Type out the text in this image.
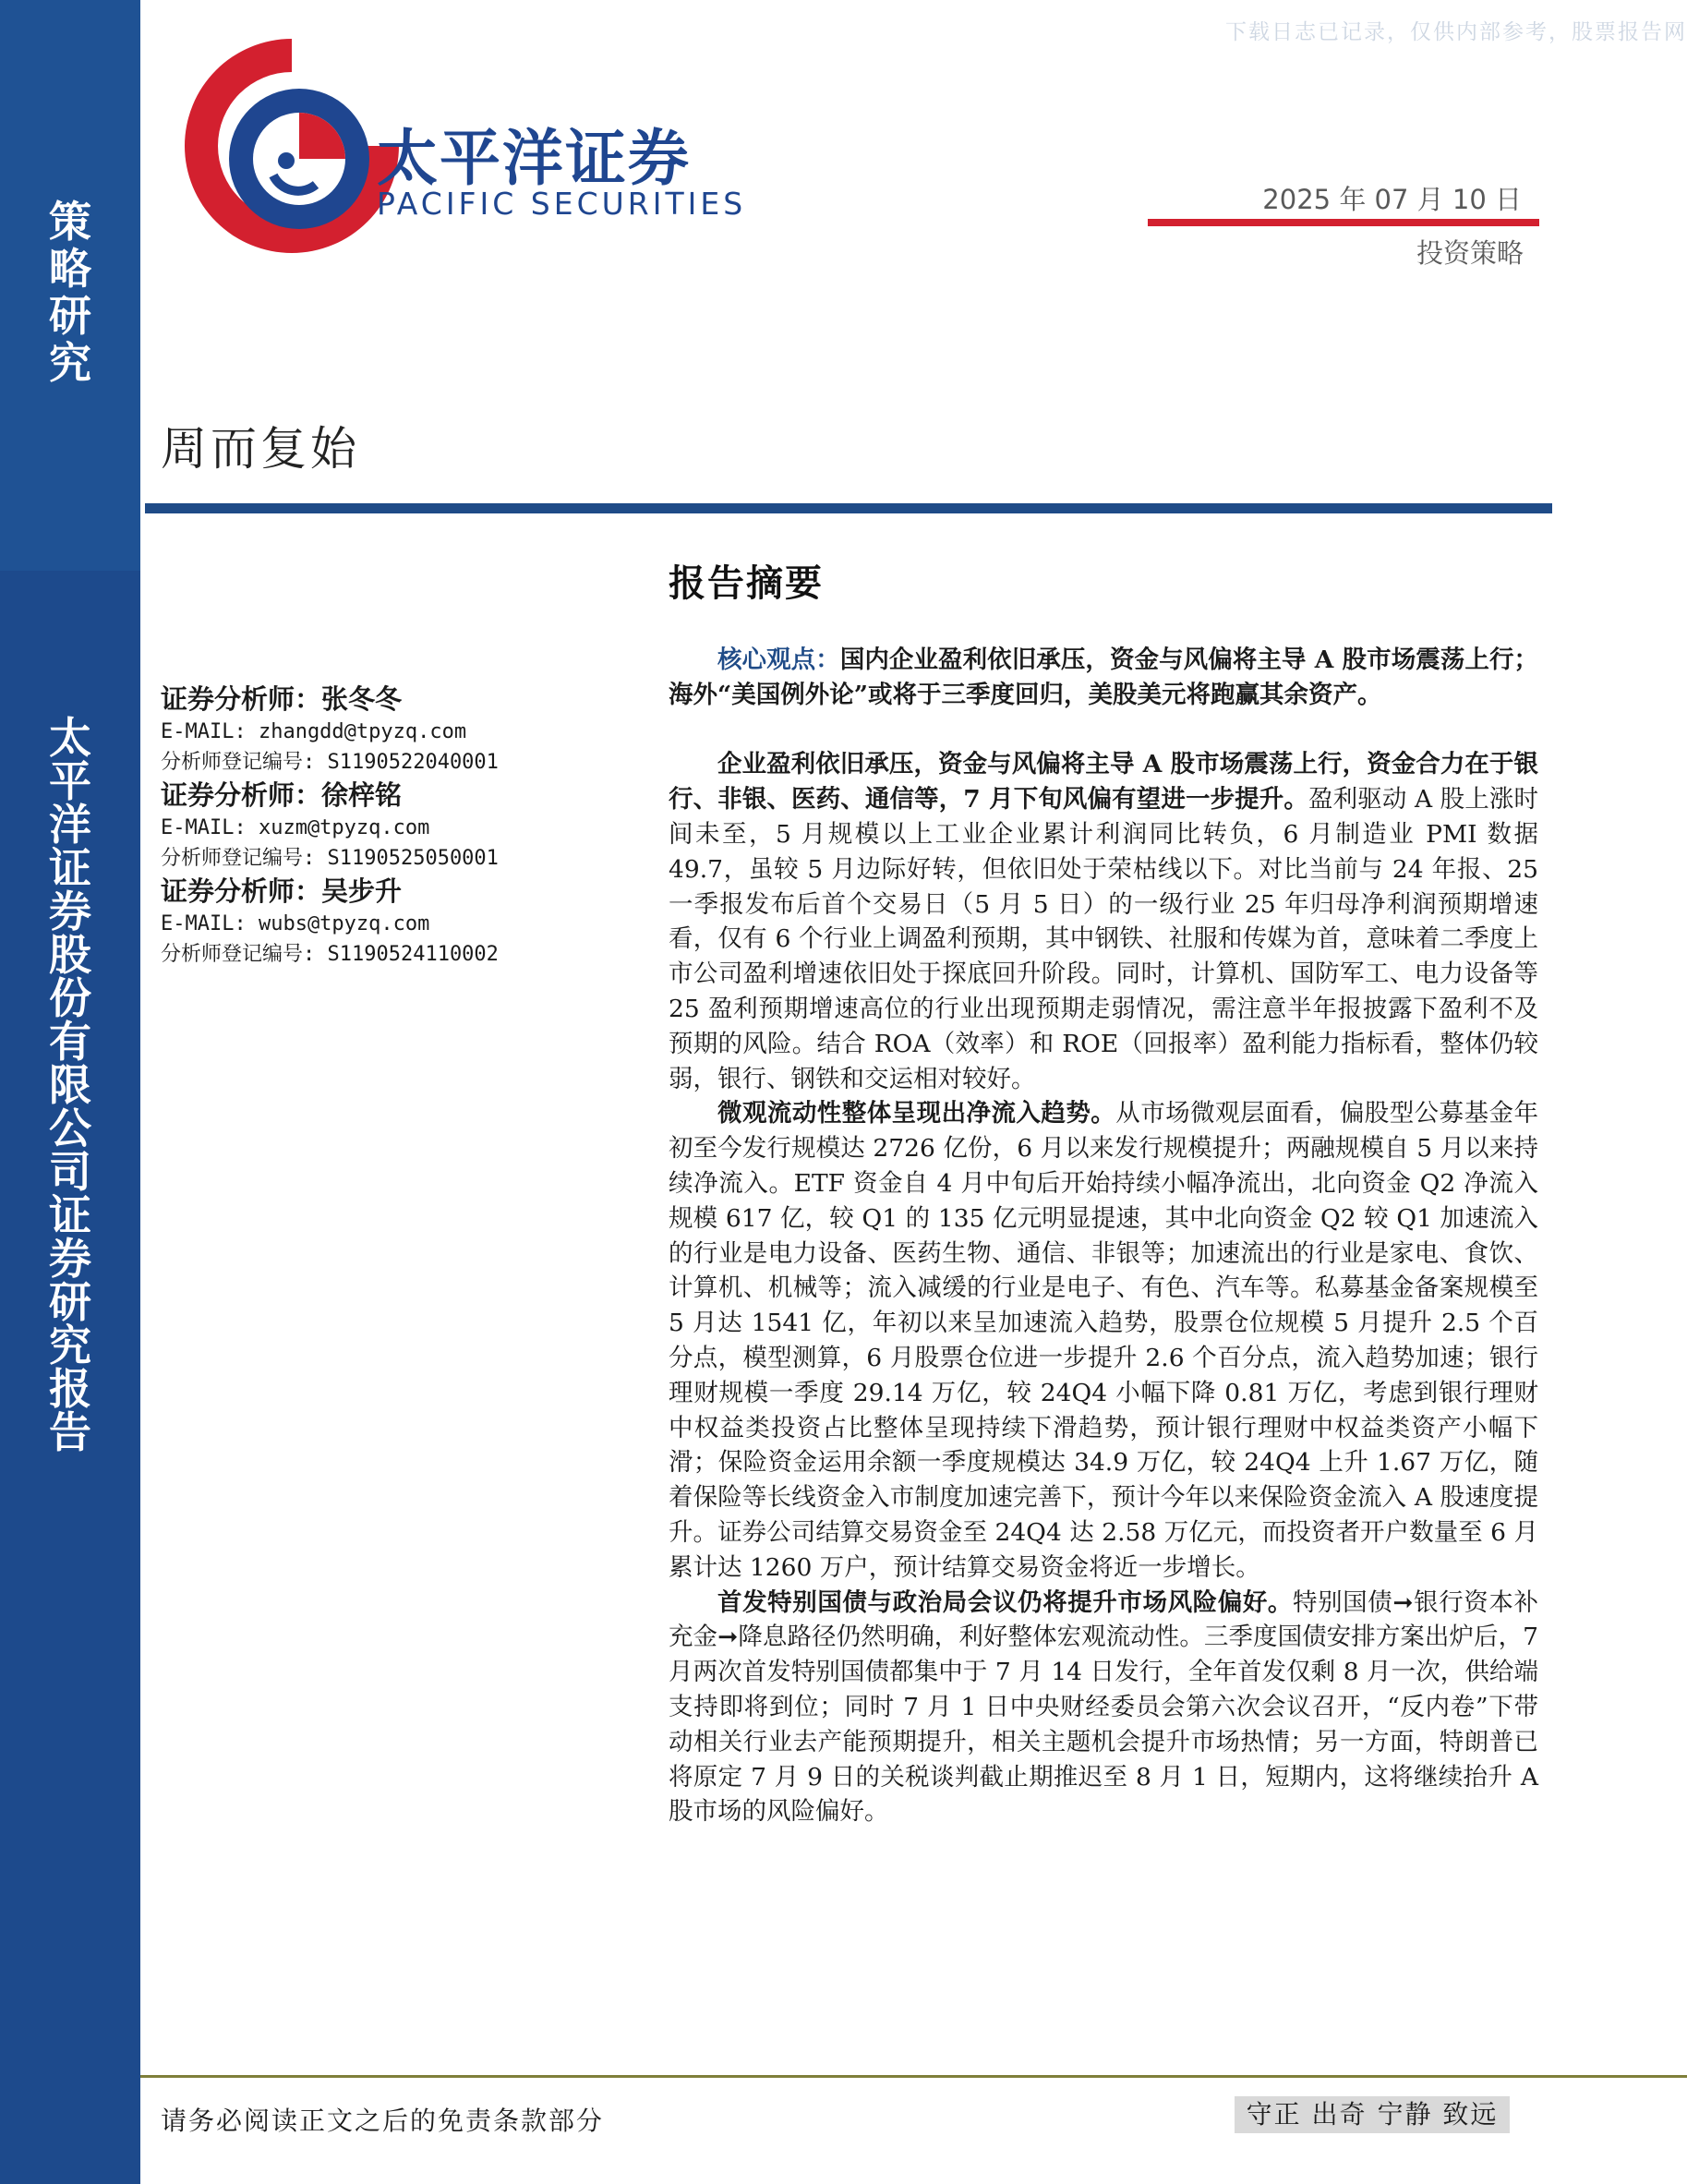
策
略
研
究
太
平
洋
证
券
股
份
有
限
公
司
证
券
研
究
报
告
下载日志已记录，仅供内部参考，股票报告网
太平洋证券
PACIFIC SECURITIES	2025 年 07 月 10 日
投资策略
周而复始
报告摘要
证券分析师：张冬冬
E-MAIL: zhangdd@tpyzq.com
分析师登记编号: S1190522040001
证券分析师：徐梓铭
E-MAIL: xuzm@tpyzq.com
分析师登记编号: S1190525050001
证券分析师：吴步升
E-MAIL: wubs@tpyzq.com
分析师登记编号: S1190524110002

核心观点：国内企业盈利依旧承压，资金与风偏将主导 A 股市场震荡上行；海外“美国例外论”或将于三季度回归，美股美元将跑赢其余资产。

企业盈利依旧承压，资金与风偏将主导 A 股市场震荡上行，资金合力在于银行、非银、医药、通信等，7 月下旬风偏有望进一步提升。盈利驱动 A 股上涨时间未至，5 月规模以上工业企业累计利润同比转负，6 月制造业 PMI 数据 49.7，虽较 5 月边际好转，但依旧处于荣枯线以下。对比当前与 24 年报、25 一季报发布后首个交易日（5 月 5 日）的一级行业 25 年归母净利润预期增速看，仅有 6 个行业上调盈利预期，其中钢铁、社服和传媒为首，意味着二季度上市公司盈利增速依旧处于探底回升阶段。同时，计算机、国防军工、电力设备等 25 盈利预期增速高位的行业出现预期走弱情况，需注意半年报披露下盈利不及预期的风险。结合 ROA（效率）和 ROE（回报率）盈利能力指标看，整体仍较弱，银行、钢铁和交运相对较好。

微观流动性整体呈现出净流入趋势。从市场微观层面看，偏股型公募基金年初至今发行规模达 2726 亿份，6 月以来发行规模提升；两融规模自 5 月以来持续净流入。ETF 资金自 4 月中旬后开始持续小幅净流出，北向资金 Q2 净流入规模 617 亿，较 Q1 的 135 亿元明显提速，其中北向资金 Q2 较 Q1 加速流入的行业是电力设备、医药生物、通信、非银等；加速流出的行业是家电、食饮、计算机、机械等；流入减缓的行业是电子、有色、汽车等。私募基金备案规模至 5 月达 1541 亿，年初以来呈加速流入趋势，股票仓位规模 5 月提升 2.5 个百分点，模型测算，6 月股票仓位进一步提升 2.6 个百分点，流入趋势加速；银行理财规模一季度 29.14 万亿，较 24Q4 小幅下降 0.81 万亿，考虑到银行理财中权益类投资占比整体呈现持续下滑趋势，预计银行理财中权益类资产小幅下滑；保险资金运用余额一季度规模达 34.9 万亿，较 24Q4 上升 1.67 万亿，随着保险等长线资金入市制度加速完善下，预计今年以来保险资金流入 A 股速度提升。证券公司结算交易资金至 24Q4 达 2.58 万亿元，而投资者开户数量至 6 月累计达 1260 万户，预计结算交易资金将近一步增长。

首发特别国债与政治局会议仍将提升市场风险偏好。特别国债➞银行资本补充金➞降息路径仍然明确，利好整体宏观流动性。三季度国债安排方案出炉后，7 月两次首发特别国债都集中于 7 月 14 日发行，全年首发仅剩 8 月一次，供给端支持即将到位；同时 7 月 1 日中央财经委员会第六次会议召开，“反内卷”下带动相关行业去产能预期提升，相关主题机会提升市场热情；另一方面，特朗普已将原定 7 月 9 日的关税谈判截止期推迟至 8 月 1 日，短期内，这将继续抬升 A 股市场的风险偏好。

请务必阅读正文之后的免责条款部分	守正 出奇 宁静 致远
